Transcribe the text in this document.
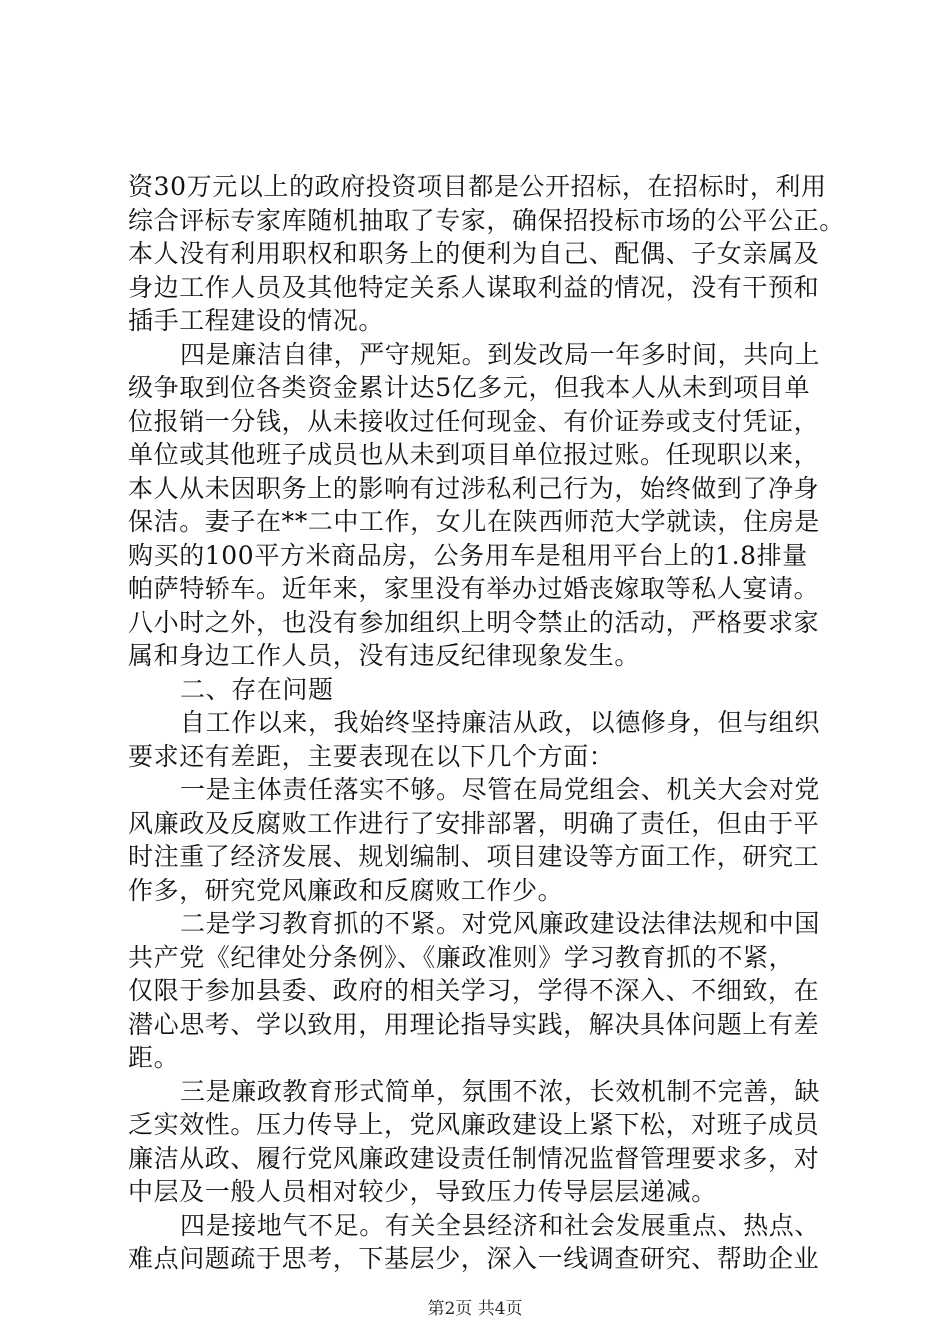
资30万元以上的政府投资项目都是公开招标，在招标时，利用
综合评标专家库随机抽取了专家，确保招投标市场的公平公正。
本人没有利用职权和职务上的便利为自己、配偶、子女亲属及
身边工作人员及其他特定关系人谋取利益的情况，没有干预和
插手工程建设的情况。
四是廉洁自律，严守规矩。到发改局一年多时间，共向上
级争取到位各类资金累计达5亿多元，但我本人从未到项目单
位报销一分钱，从未接收过任何现金、有价证券或支付凭证，
单位或其他班子成员也从未到项目单位报过账。任现职以来，
本人从未因职务上的影响有过涉私利己行为，始终做到了净身
保洁。妻子在**二中工作，女儿在陕西师范大学就读，住房是
购买的100平方米商品房，公务用车是租用平台上的1.8排量
帕萨特轿车。近年来，家里没有举办过婚丧嫁取等私人宴请。
八小时之外，也没有参加组织上明令禁止的活动，严格要求家
属和身边工作人员，没有违反纪律现象发生。
二、存在问题
自工作以来，我始终坚持廉洁从政，以德修身，但与组织
要求还有差距，主要表现在以下几个方面：
一是主体责任落实不够。尽管在局党组会、机关大会对党
风廉政及反腐败工作进行了安排部署，明确了责任，但由于平
时注重了经济发展、规划编制、项目建设等方面工作，研究工
作多，研究党风廉政和反腐败工作少。
二是学习教育抓的不紧。对党风廉政建设法律法规和中国
共产党《纪律处分条例》、《廉政准则》学习教育抓的不紧，
仅限于参加县委、政府的相关学习，学得不深入、不细致，在
潜心思考、学以致用，用理论指导实践，解决具体问题上有差
距。
三是廉政教育形式简单，氛围不浓，长效机制不完善，缺
乏实效性。压力传导上，党风廉政建设上紧下松，对班子成员
廉洁从政、履行党风廉政建设责任制情况监督管理要求多，对
中层及一般人员相对较少，导致压力传导层层递减。
四是接地气不足。有关全县经济和社会发展重点、热点、
难点问题疏于思考，下基层少，深入一线调查研究、帮助企业
第2页 共4页
